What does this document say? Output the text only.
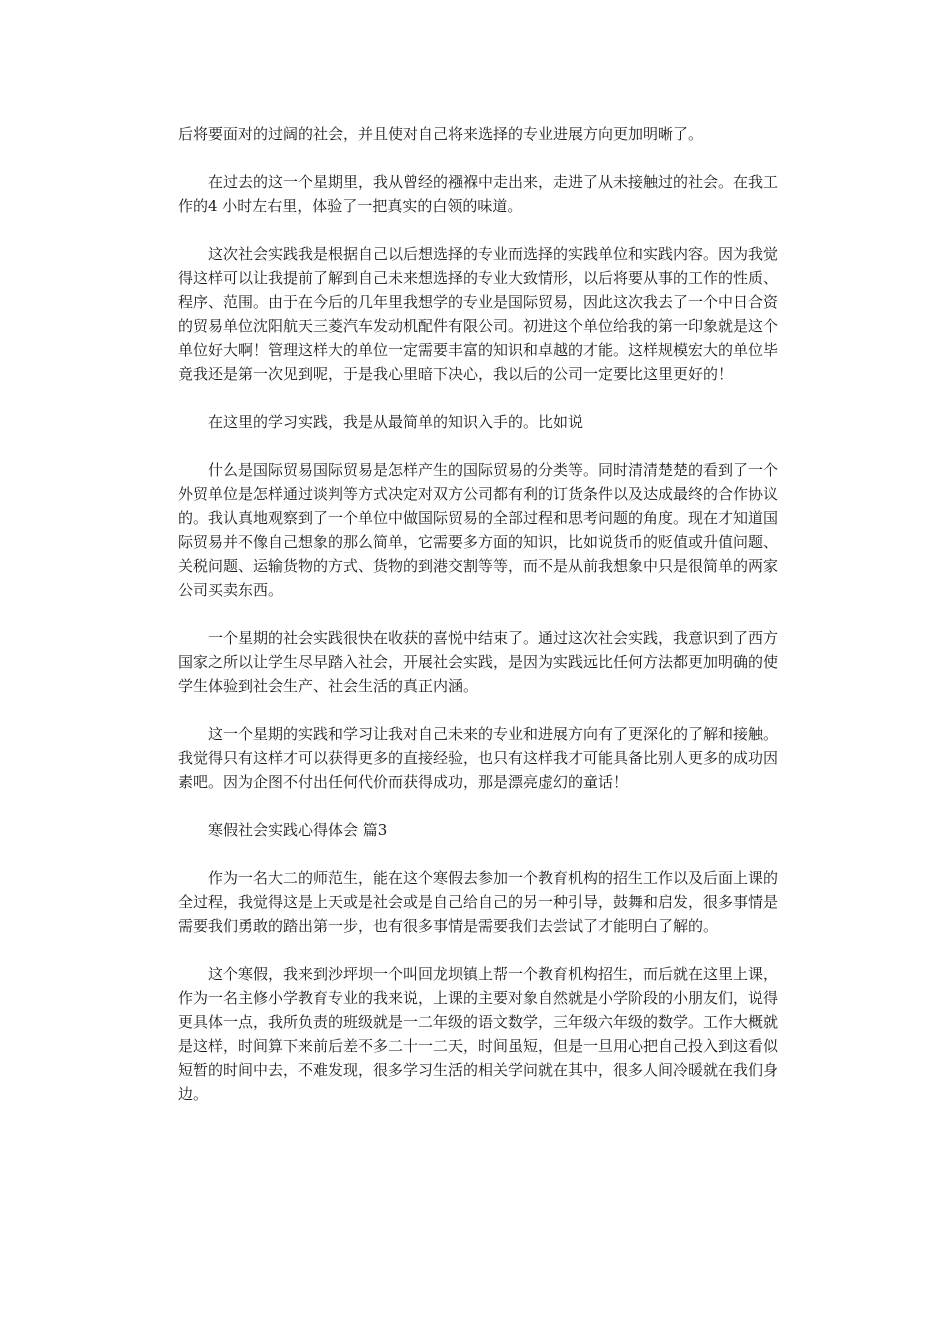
后将要面对的过阔的社会，并且使对自己将来选择的专业进展方向更加明晰了。

在过去的这一个星期里，我从曾经的襁褓中走出来，走进了从未接触过的社会。在我工作的4 小时左右里，体验了一把真实的白领的味道。

这次社会实践我是根据自己以后想选择的专业而选择的实践单位和实践内容。因为我觉得这样可以让我提前了解到自己未来想选择的专业大致情形，以后将要从事的工作的性质、程序、范围。由于在今后的几年里我想学的专业是国际贸易，因此这次我去了一个中日合资的贸易单位沈阳航天三菱汽车发动机配件有限公司。初进这个单位给我的第一印象就是这个单位好大啊！管理这样大的单位一定需要丰富的知识和卓越的才能。这样规模宏大的单位毕竟我还是第一次见到呢，于是我心里暗下决心，我以后的公司一定要比这里更好的！

在这里的学习实践，我是从最简单的知识入手的。比如说

什么是国际贸易国际贸易是怎样产生的国际贸易的分类等。同时清清楚楚的看到了一个外贸单位是怎样通过谈判等方式决定对双方公司都有利的订货条件以及达成最终的合作协议的。我认真地观察到了一个单位中做国际贸易的全部过程和思考问题的角度。现在才知道国际贸易并不像自己想象的那么简单，它需要多方面的知识，比如说货币的贬值或升值问题、关税问题、运输货物的方式、货物的到港交割等等，而不是从前我想象中只是很简单的两家公司买卖东西。

一个星期的社会实践很快在收获的喜悦中结束了。通过这次社会实践，我意识到了西方国家之所以让学生尽早踏入社会，开展社会实践，是因为实践远比任何方法都更加明确的使学生体验到社会生产、社会生活的真正内涵。

这一个星期的实践和学习让我对自己未来的专业和进展方向有了更深化的了解和接触。我觉得只有这样才可以获得更多的直接经验，也只有这样我才可能具备比别人更多的成功因素吧。因为企图不付出任何代价而获得成功，那是漂亮虚幻的童话！

寒假社会实践心得体会 篇3

作为一名大二的师范生，能在这个寒假去参加一个教育机构的招生工作以及后面上课的全过程，我觉得这是上天或是社会或是自己给自己的另一种引导，鼓舞和启发，很多事情是需要我们勇敢的踏出第一步，也有很多事情是需要我们去尝试了才能明白了解的。

这个寒假，我来到沙坪坝一个叫回龙坝镇上帮一个教育机构招生，而后就在这里上课，作为一名主修小学教育专业的我来说，上课的主要对象自然就是小学阶段的小朋友们，说得更具体一点，我所负责的班级就是一二年级的语文数学，三年级六年级的数学。工作大概就是这样，时间算下来前后差不多二十一二天，时间虽短，但是一旦用心把自己投入到这看似短暂的时间中去，不难发现，很多学习生活的相关学问就在其中，很多人间冷暖就在我们身边。
